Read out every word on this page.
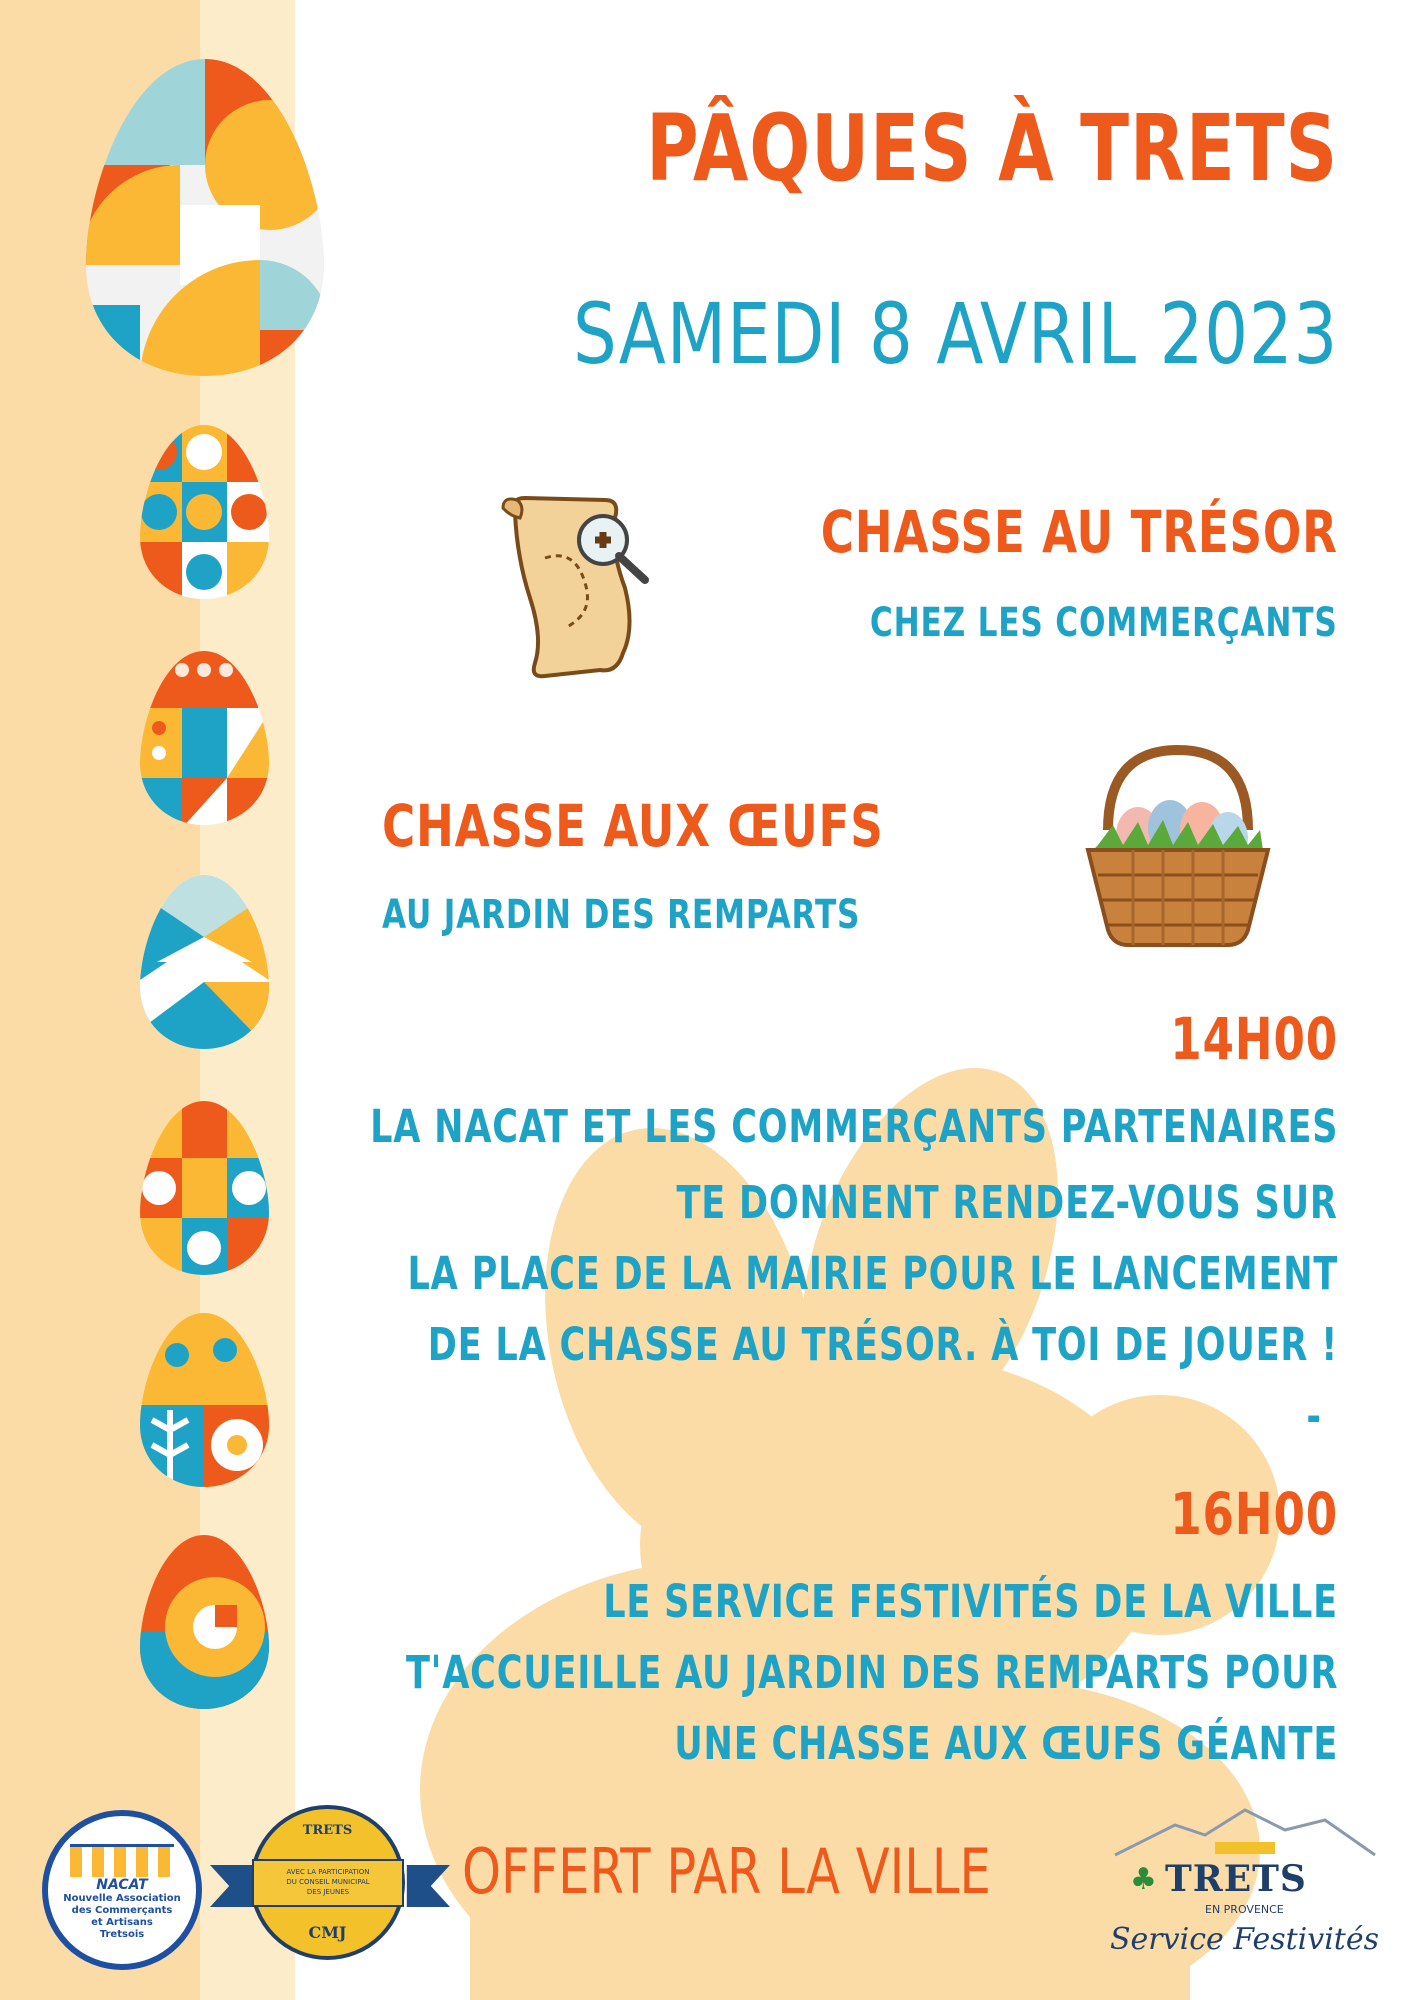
PÂQUES À TRETS
SAMEDI 8 AVRIL 2023
CHASSE AU TRÉSOR
CHEZ LES COMMERÇANTS
CHASSE AUX ŒUFS
AU JARDIN DES REMPARTS
14H00
LA NACAT ET LES COMMERÇANTS PARTENAIRES
TE DONNENT RENDEZ-VOUS SUR
LA PLACE DE LA MAIRIE POUR LE LANCEMENT
DE LA CHASSE AU TRÉSOR. À TOI DE JOUER !
-
16H00
LE SERVICE FESTIVITÉS DE LA VILLE
T'ACCUEILLE AU JARDIN DES REMPARTS POUR
UNE CHASSE AUX ŒUFS GÉANTE
NACAT
Nouvelle Association
des Commerçants
et Artisans
Tretsois
TRETS
AVEC LA PARTICIPATION
DU CONSEIL MUNICIPAL
DES JEUNES
CMJ
OFFERT PAR LA VILLE	♣ TRETS
EN PROVENCE
Service Festivités
